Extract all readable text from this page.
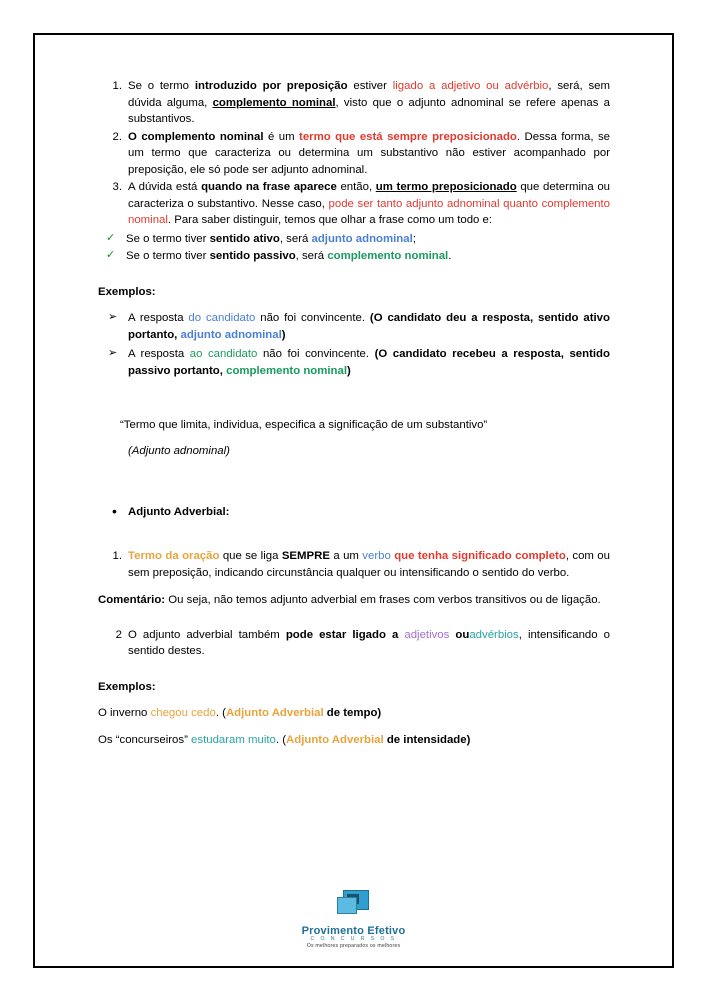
1. Se o termo introduzido por preposição estiver ligado a adjetivo ou advérbio, será, sem dúvida alguma, complemento nominal, visto que o adjunto adnominal se refere apenas a substantivos.
2. O complemento nominal é um termo que está sempre preposicionado. Dessa forma, se um termo que caracteriza ou determina um substantivo não estiver acompanhado por preposição, ele só pode ser adjunto adnominal.
3. A dúvida está quando na frase aparece então, um termo preposicionado que determina ou caracteriza o substantivo. Nesse caso, pode ser tanto adjunto adnominal quanto complemento nominal. Para saber distinguir, temos que olhar a frase como um todo e:
✓ Se o termo tiver sentido ativo, será adjunto adnominal;
✓ Se o termo tiver sentido passivo, será complemento nominal.
Exemplos:
➢ A resposta do candidato não foi convincente. (O candidato deu a resposta, sentido ativo portanto, adjunto adnominal)
➢ A resposta ao candidato não foi convincente. (O candidato recebeu a resposta, sentido passivo portanto, complemento nominal)

“Termo que limita, individua, especifica a significação de um substantivo”

(Adjunto adnominal)

• Adjunto Adverbial:
1. Termo da oração que se liga SEMPRE a um verbo que tenha significado completo, com ou sem preposição, indicando circunstância qualquer ou intensificando o sentido do verbo.

Comentário: Ou seja, não temos adjunto adverbial em frases com verbos transitivos ou de ligação.

2 O adjunto adverbial também pode estar ligado a adjetivos ouadvérbios, intensificando o sentido destes.
Exemplos:

O inverno chegou cedo. (Adjunto Adverbial de tempo)

Os “concurseiros” estudaram muito. (Adjunto Adverbial de intensidade)

Provimento Efetivo
C O N C U R S O S
Os melhores preparados os melhores
